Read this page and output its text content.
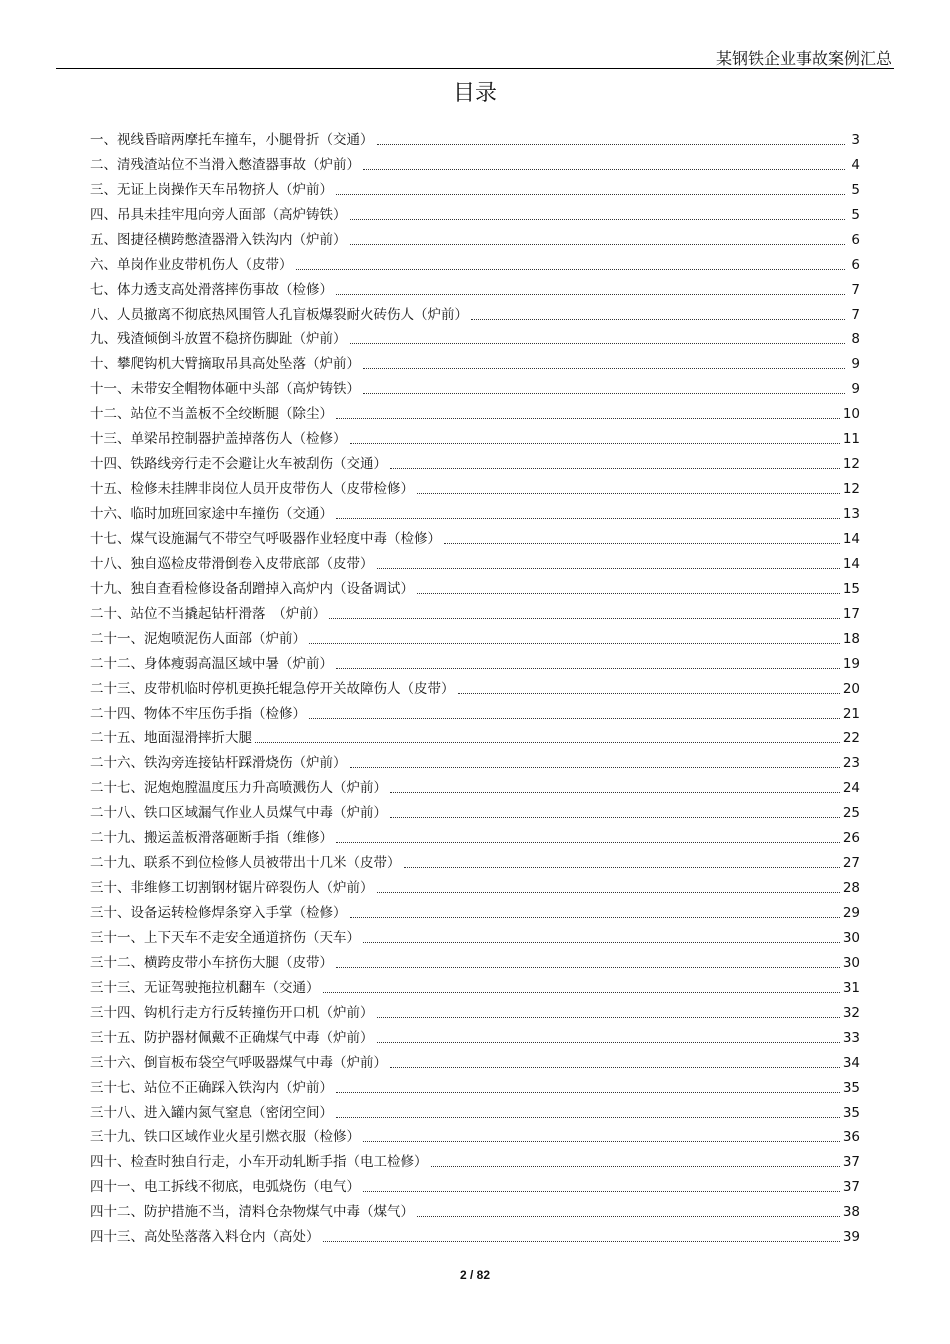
某钢铁企业事故案例汇总
目录
一、视线昏暗两摩托车撞车，小腿骨折（交通）	3
二、清残渣站位不当滑入憋渣器事故（炉前）	4
三、无证上岗操作天车吊物挤人（炉前）	5
四、吊具未挂牢甩向旁人面部（高炉铸铁）	5
五、图捷径横跨憋渣器滑入铁沟内（炉前）	6
六、单岗作业皮带机伤人（皮带）	6
七、体力透支高处滑落摔伤事故（检修）	7
八、人员撤离不彻底热风围管人孔盲板爆裂耐火砖伤人（炉前）	7
九、残渣倾倒斗放置不稳挤伤脚趾（炉前）	8
十、攀爬钩机大臂摘取吊具高处坠落（炉前）	9
十一、未带安全帽物体砸中头部（高炉铸铁）	9
十二、站位不当盖板不全绞断腿（除尘）	10
十三、单梁吊控制器护盖掉落伤人（检修）	11
十四、铁路线旁行走不会避让火车被刮伤（交通）	12
十五、检修未挂牌非岗位人员开皮带伤人（皮带检修）	12
十六、临时加班回家途中车撞伤（交通）	13
十七、煤气设施漏气不带空气呼吸器作业轻度中毒（检修）	14
十八、独自巡检皮带滑倒卷入皮带底部（皮带）	14
十九、独自查看检修设备刮蹭掉入高炉内（设备调试）	15
二十、站位不当撬起钻杆滑落　（炉前）	17
二十一、泥炮喷泥伤人面部（炉前）	18
二十二、身体瘦弱高温区域中暑（炉前）	19
二十三、皮带机临时停机更换托辊急停开关故障伤人（皮带）	20
二十四、物体不牢压伤手指（检修）	21
二十五、地面湿滑摔折大腿	22
二十六、铁沟旁连接钻杆踩滑烧伤（炉前）	23
二十七、泥炮炮膛温度压力升高喷溅伤人（炉前）	24
二十八、铁口区域漏气作业人员煤气中毒（炉前）	25
二十九、搬运盖板滑落砸断手指（维修）	26
二十九、联系不到位检修人员被带出十几米（皮带）	27
三十、非维修工切割钢材锯片碎裂伤人（炉前）	28
三十、设备运转检修焊条穿入手掌（检修）	29
三十一、上下天车不走安全通道挤伤（天车）	30
三十二、横跨皮带小车挤伤大腿（皮带）	30
三十三、无证驾驶拖拉机翻车（交通）	31
三十四、钩机行走方行反转撞伤开口机（炉前）	32
三十五、防护器材佩戴不正确煤气中毒（炉前）	33
三十六、倒盲板布袋空气呼吸器煤气中毒（炉前）	34
三十七、站位不正确踩入铁沟内（炉前）	35
三十八、进入罐内氮气窒息（密闭空间）	35
三十九、铁口区域作业火星引燃衣服（检修）	36
四十、检查时独自行走，小车开动轧断手指（电工检修）	37
四十一、电工拆线不彻底，电弧烧伤（电气）	37
四十二、防护措施不当，清料仓杂物煤气中毒（煤气）	38
四十三、高处坠落落入料仓内（高处）	39
2 / 82
